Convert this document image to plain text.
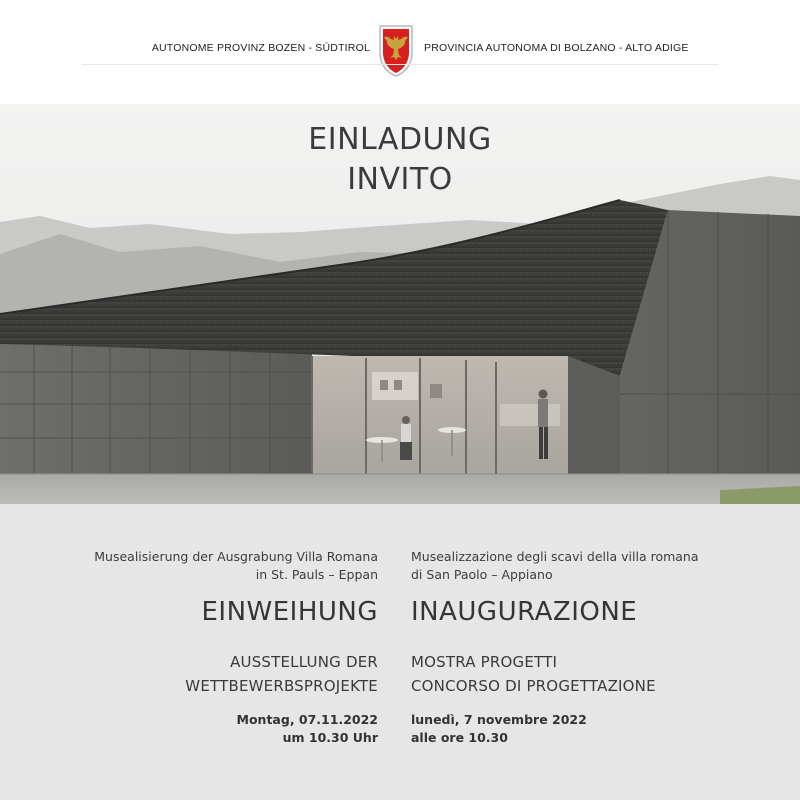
AUTONOME PROVINZ BOZEN - SÜDTIROL	PROVINCIA AUTONOMA DI BOLZANO - ALTO ADIGE
EINLADUNG
INVITO
Musealisierung der Ausgrabung Villa Romana
in St. Pauls – Eppan
EINWEIHUNG
AUSSTELLUNG DER
WETTBEWERBSPROJEKTE
Montag, 07.11.2022
um 10.30 Uhr
Musealizzazione degli scavi della villa romana
di San Paolo – Appiano
INAUGURAZIONE
MOSTRA PROGETTI
CONCORSO DI PROGETTAZIONE
lunedì, 7 novembre 2022
alle ore 10.30
